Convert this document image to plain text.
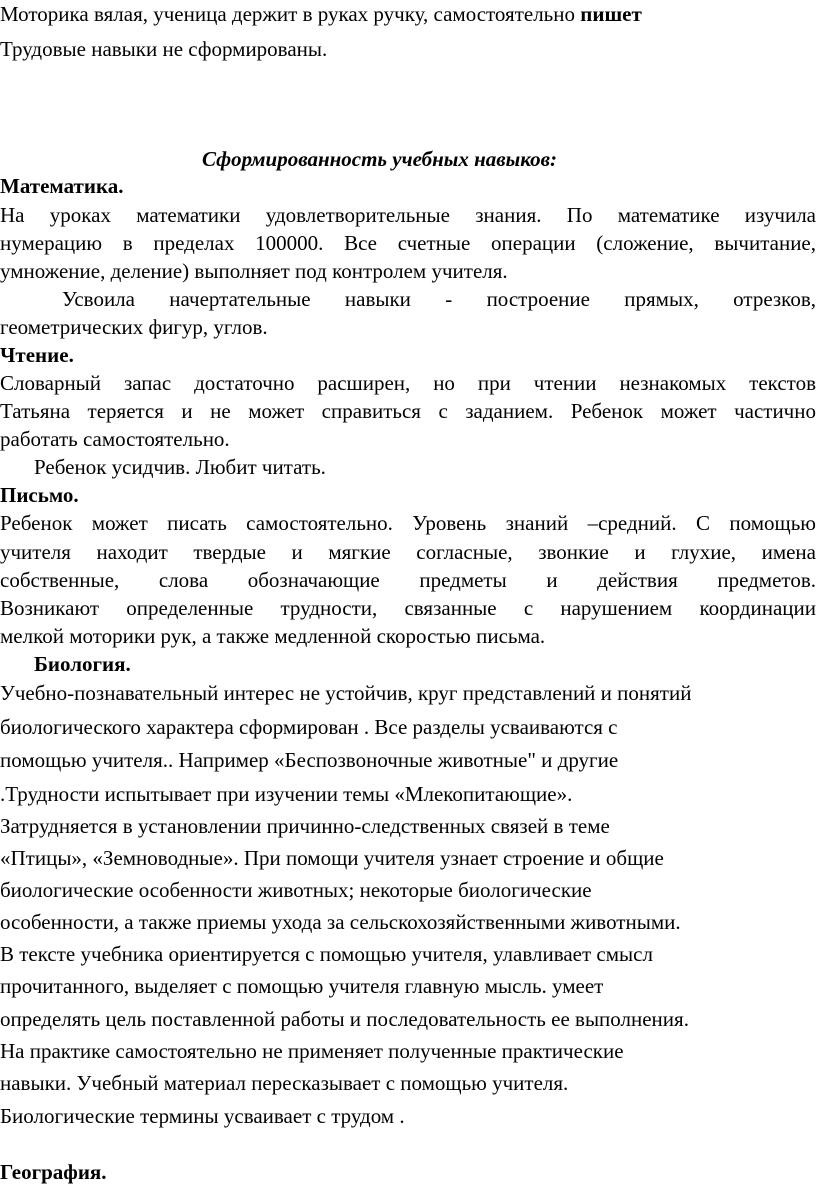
Моторика вялая, ученица держит в руках ручку, самостоятельно пишет
Трудовые навыки не сформированы.
Сформированность учебных навыков:
Математика.
На уроках математики удовлетворительные знания. По математике изучила
нумерацию в пределах 100000. Все счетные операции (сложение, вычитание,
умножение, деление) выполняет под контролем учителя.
Усвоила начертательные навыки - построение прямых, отрезков,
геометрических фигур, углов.
Чтение.
Словарный запас достаточно расширен, но при чтении незнакомых текстов
Татьяна теряется и не может справиться с заданием. Ребенок может частично
работать самостоятельно.
Ребенок усидчив. Любит читать.
Письмо.
Ребенок может писать самостоятельно. Уровень знаний –средний. С помощью
учителя находит твердые и мягкие согласные, звонкие и глухие, имена
собственные, слова обозначающие предметы и действия предметов.
Возникают определенные трудности, связанные с нарушением координации
мелкой моторики рук, а также медленной скоростью письма.
Биология.
Учебно-познавательный интерес не устойчив, круг представлений и понятий
биологического характера сформирован . Все разделы усваиваются с
помощью учителя.. Например «Беспозвоночные животные" и другие
.Трудности испытывает при изучении темы «Млекопитающие».
Затрудняется в установлении причинно-следственных связей в теме
«Птицы», «Земноводные». При помощи учителя узнает строение и общие
биологические особенности животных; некоторые биологические
особенности, а также приемы ухода за сельскохозяйственными животными.
В тексте учебника ориентируется с помощью учителя, улавливает смысл
прочитанного, выделяет с помощью учителя главную мысль. умеет
определять цель поставленной работы и последовательность ее выполнения.
На практике самостоятельно не применяет полученные практические
навыки. Учебный материал пересказывает с помощью учителя.
Биологические термины усваивает с трудом .
География.
